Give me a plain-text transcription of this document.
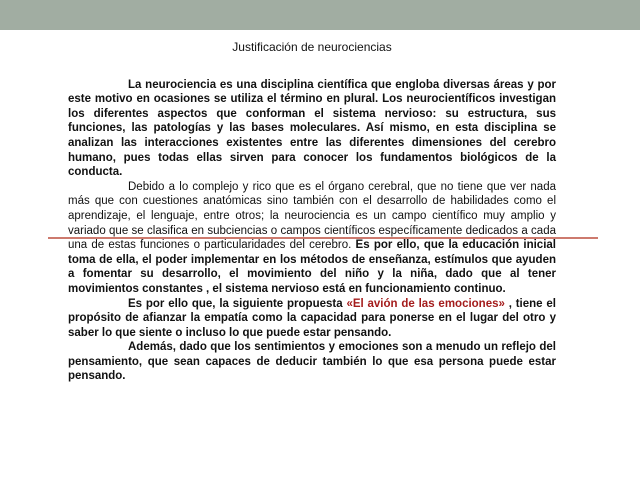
Justificación de neurociencias

La neurociencia es una disciplina científica que engloba diversas áreas y por este motivo en ocasiones se utiliza el término en plural. Los neurocientíficos investigan los diferentes aspectos que conforman el sistema nervioso: su estructura, sus funciones, las patologías y las bases moleculares. Así mismo, en esta disciplina se analizan las interacciones existentes entre las diferentes dimensiones del cerebro humano, pues todas ellas sirven para conocer los fundamentos biológicos de la conducta.

Debido a lo complejo y rico que es el órgano cerebral, que no tiene que ver nada más que con cuestiones anatómicas sino también con el desarrollo de habilidades como el aprendizaje, el lenguaje, entre otros; la neurociencia es un campo científico muy amplio y variado que se clasifica en subciencias o campos científicos específicamente dedicados a cada una de estas funciones o particularidades del cerebro. Es por ello, que la educación inicial toma de ella, el poder implementar en los métodos de enseñanza, estímulos que ayuden a fomentar su desarrollo, el movimiento del niño y la niña, dado que al tener movimientos constantes , el sistema nervioso está en funcionamiento continuo.

Es por ello que, la siguiente propuesta «El avión de las emociones» , tiene el propósito de afianzar la empatía como la capacidad para ponerse en el lugar del otro y saber lo que siente o incluso lo que puede estar pensando.

Además, dado que los sentimientos y emociones son a menudo un reflejo del pensamiento, que sean capaces de deducir también lo que esa persona puede estar pensando.
